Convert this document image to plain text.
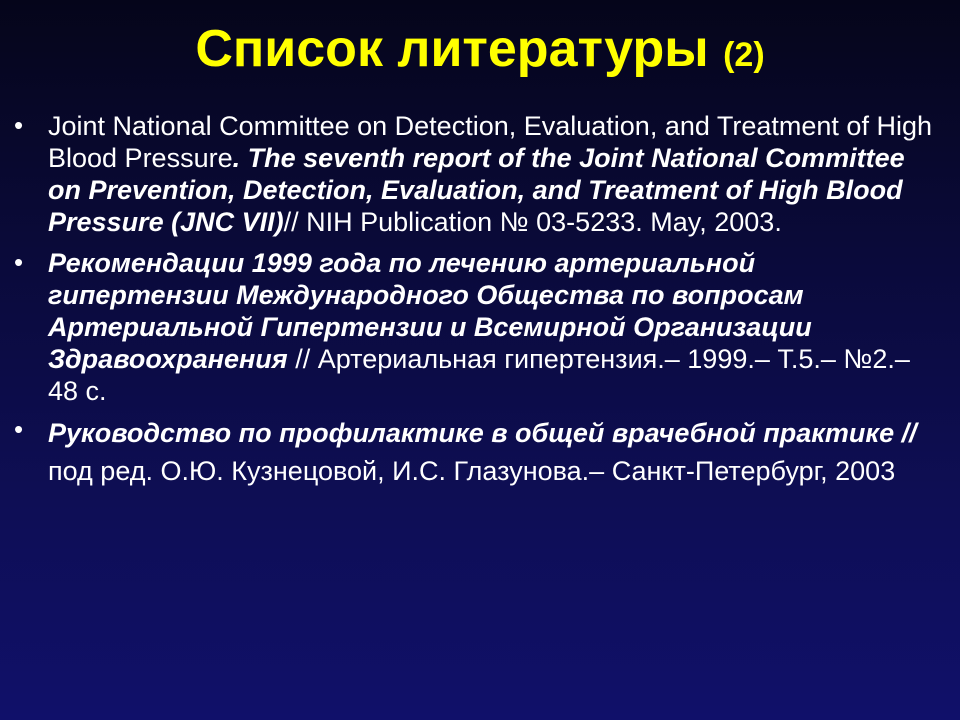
Список литературы (2)
• Joint National Committee on Detection, Evaluation, and Treatment of High Blood Pressure. The seventh report of the Joint National Committee on Prevention, Detection, Evaluation, and Treatment of High Blood Pressure (JNC VII)// NIH Publication № 03-5233. May, 2003.
• Рекомендации 1999 года по лечению артериальной гипертензии Международного Общества по вопросам Артериальной Гипертензии и Всемирной Организации Здравоохранения // Артериальная гипертензия.– 1999.– Т.5.– №2.– 48 с.
• Руководство по профилактике в общей врачебной практике // под ред. О.Ю. Кузнецовой, И.С. Глазунова.– Санкт-Петербург, 2003
